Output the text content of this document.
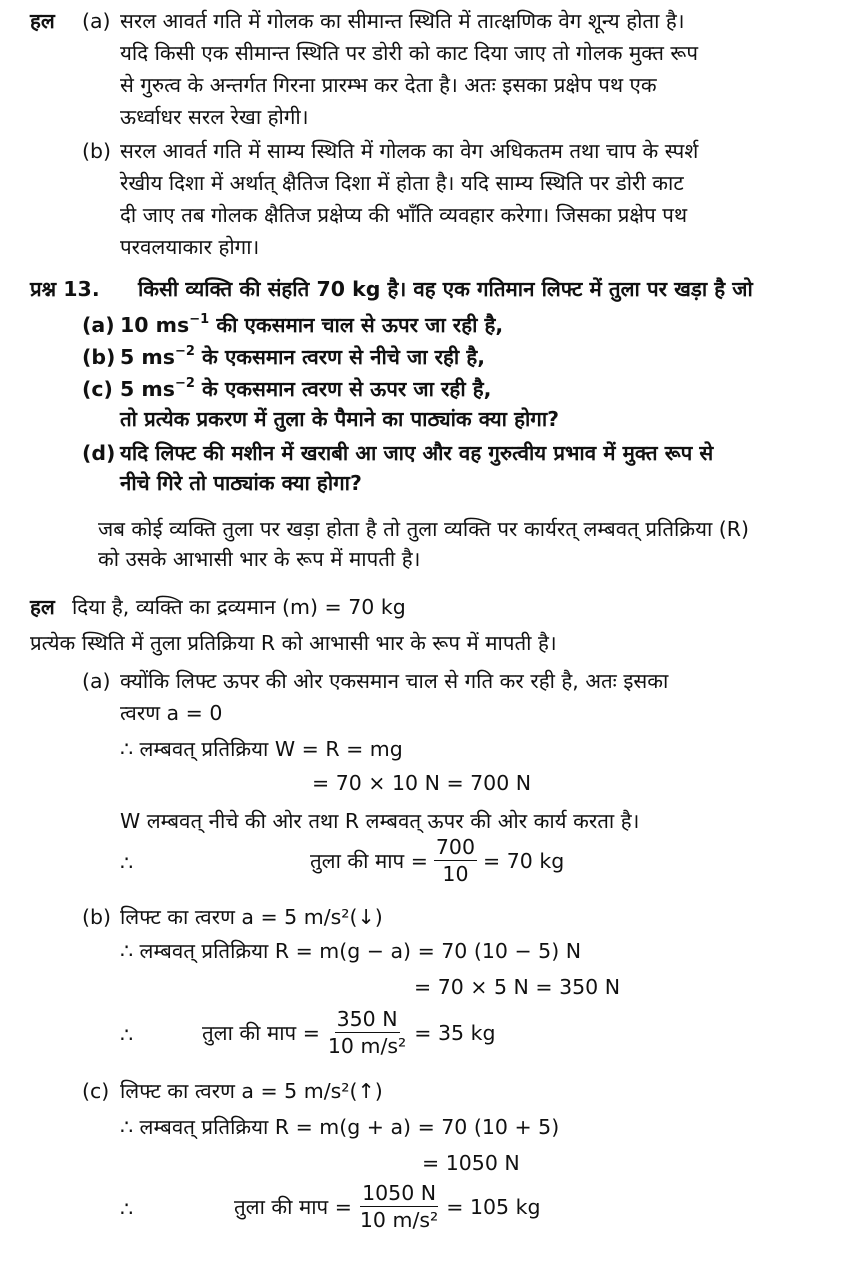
हल (a) सरल आवर्त गति में गोलक का सीमान्त स्थिति में तात्क्षणिक वेग शून्य होता है।
यदि किसी एक सीमान्त स्थिति पर डोरी को काट दिया जाए तो गोलक मुक्त रूप
से गुरुत्व के अन्तर्गत गिरना प्रारम्भ कर देता है। अतः इसका प्रक्षेप पथ एक
ऊर्ध्वाधर सरल रेखा होगी।
(b) सरल आवर्त गति में साम्य स्थिति में गोलक का वेग अधिकतम तथा चाप के स्पर्श
रेखीय दिशा में अर्थात् क्षैतिज दिशा में होता है। यदि साम्य स्थिति पर डोरी काट
दी जाए तब गोलक क्षैतिज प्रक्षेप्य की भाँति व्यवहार करेगा। जिसका प्रक्षेप पथ
परवलयाकार होगा।
प्रश्न 13. किसी व्यक्ति की संहति 70 kg है। वह एक गतिमान लिफ्ट में तुला पर खड़ा है जो
(a) 10 $ms^{-1}$ की एकसमान चाल से ऊपर जा रही है,
(b) 5 $ms^{-2}$ के एकसमान त्वरण से नीचे जा रही है,
(c) 5 $ms^{-2}$ के एकसमान त्वरण से ऊपर जा रही है,
तो प्रत्येक प्रकरण में तुला के पैमाने का पाठ्यांक क्या होगा?
(d) यदि लिफ्ट की मशीन में खराबी आ जाए और वह गुरुत्वीय प्रभाव में मुक्त रूप से
नीचे गिरे तो पाठ्यांक क्या होगा?
जब कोई व्यक्ति तुला पर खड़ा होता है तो तुला व्यक्ति पर कार्यरत् लम्बवत् प्रतिक्रिया (R)
को उसके आभासी भार के रूप में मापती है।
हल दिया है, व्यक्ति का द्रव्यमान (m) = 70 kg
प्रत्येक स्थिति में तुला प्रतिक्रिया R को आभासी भार के रूप में मापती है।
(a) क्योंकि लिफ्ट ऊपर की ओर एकसमान चाल से गति कर रही है, अतः इसका
त्वरण a = 0
∴ लम्बवत् प्रतिक्रिया W = R = mg
= 70 × 10 N = 700 N
W लम्बवत् नीचे की ओर तथा R लम्बवत् ऊपर की ओर कार्य करता है।
∴	तुला की माप = $\frac{700}{10} = 70$ kg
(b) लिफ्ट का त्वरण a = 5 m/s²(↓)
∴ लम्बवत् प्रतिक्रिया R = m(g − a) = 70 (10 − 5) N
= 70 × 5 N = 350 N
∴	तुला की माप = $\frac{350 N}{\text{10 m/s²}} = 35$ kg
(c) लिफ्ट का त्वरण a = 5 m/s²(↑)
∴ लम्बवत् प्रतिक्रिया R = m(g + a) = 70 (10 + 5)
= 1050 N
∴	तुला की माप = $\frac{1050 N}{\text{10 m/s²}} = 105$ kg
